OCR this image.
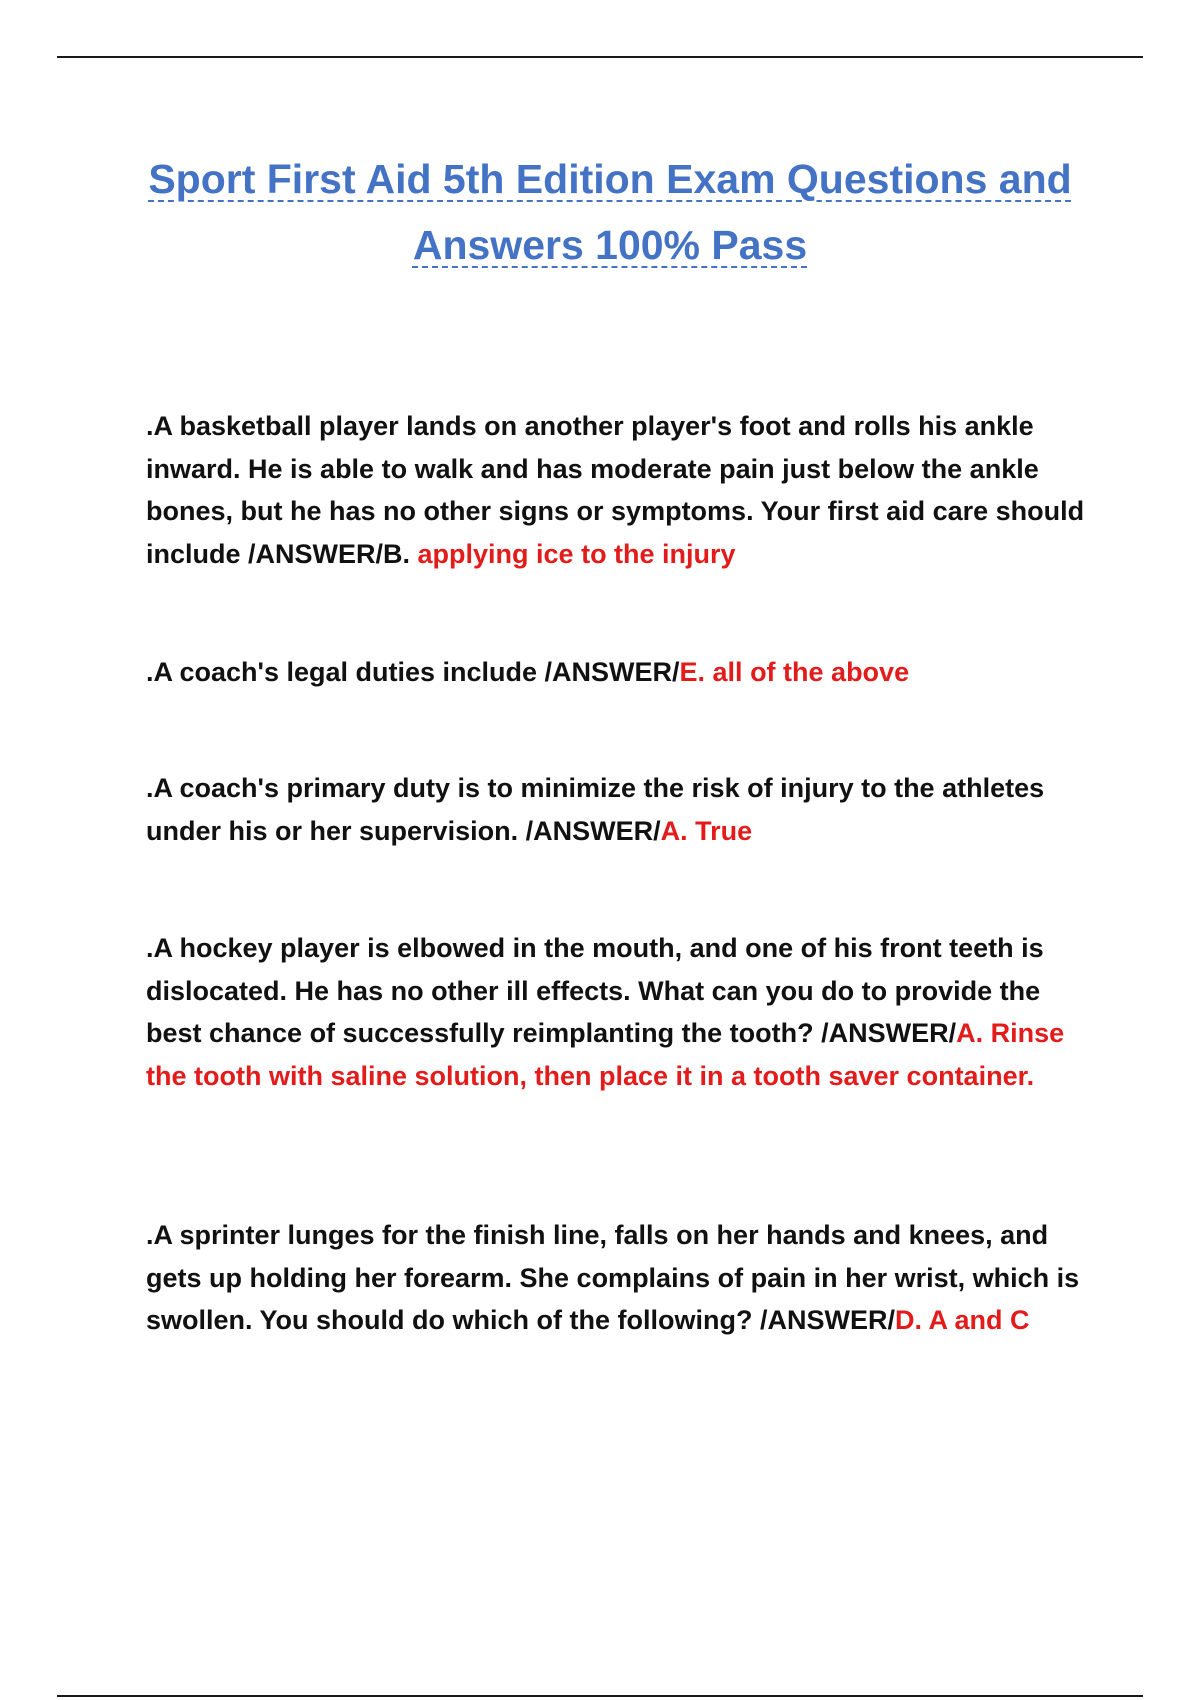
Sport First Aid 5th Edition Exam Questions and Answers 100% Pass

.A basketball player lands on another player's foot and rolls his ankle inward. He is able to walk and has moderate pain just below the ankle bones, but he has no other signs or symptoms. Your first aid care should include /ANSWER/B. applying ice to the injury

.A coach's legal duties include /ANSWER/E. all of the above

.A coach's primary duty is to minimize the risk of injury to the athletes under his or her supervision. /ANSWER/A. True

.A hockey player is elbowed in the mouth, and one of his front teeth is dislocated. He has no other ill effects. What can you do to provide the best chance of successfully reimplanting the tooth? /ANSWER/A. Rinse the tooth with saline solution, then place it in a tooth saver container.

.A sprinter lunges for the finish line, falls on her hands and knees, and gets up holding her forearm. She complains of pain in her wrist, which is swollen. You should do which of the following? /ANSWER/D. A and C
